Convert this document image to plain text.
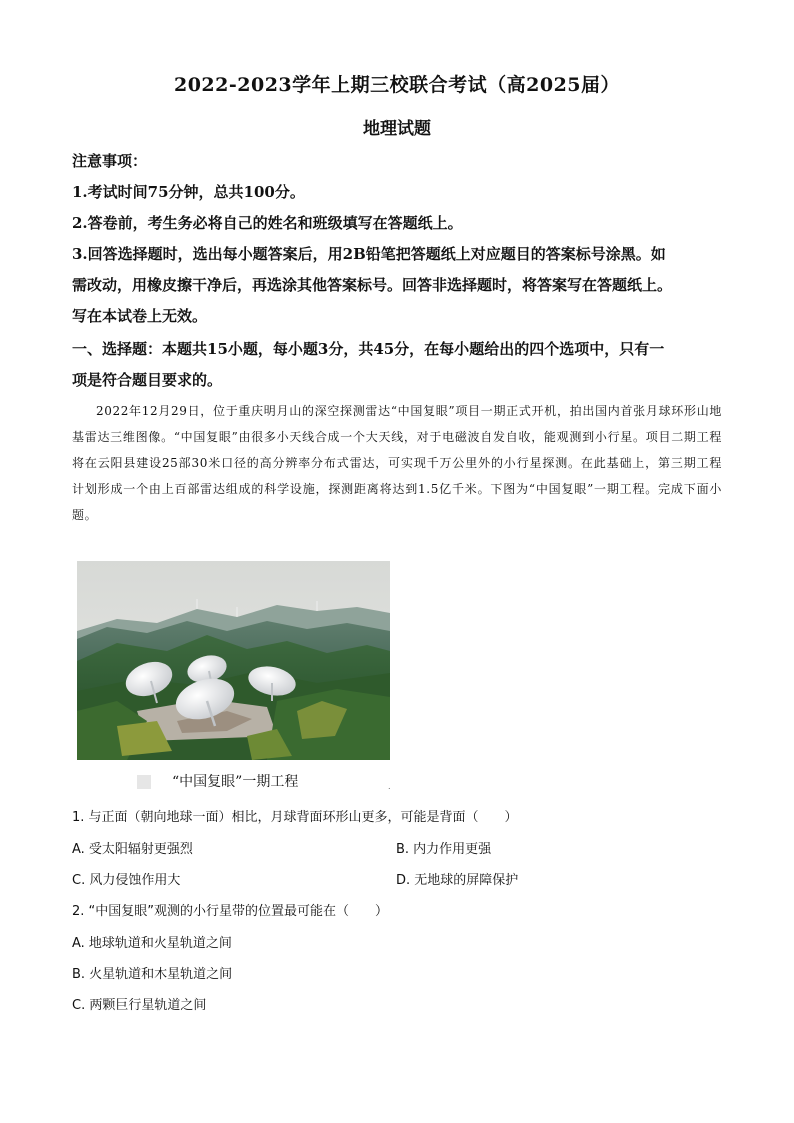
2022-2023学年上期三校联合考试（高2025届）
地理试题
注意事项：
1.考试时间75分钟，总共100分。
2.答卷前，考生务必将自己的姓名和班级填写在答题纸上。
3.回答选择题时，选出每小题答案后，用2B铅笔把答题纸上对应题目的答案标号涂黑。如
需改动，用橡皮擦干净后，再选涂其他答案标号。回答非选择题时，将答案写在答题纸上。
写在本试卷上无效。
一、选择题：本题共15小题，每小题3分，共45分，在每小题给出的四个选项中，只有一
项是符合题目要求的。

2022年12月29日，位于重庆明月山的深空探测雷达“中国复眼”项目一期正式开机，拍出国内首张月球环形山地基雷达三维图像。“中国复眼”由很多小天线合成一个大天线，对于电磁波自发自收，能观测到小行星。项目二期工程将在云阳县建设25部30米口径的高分辨率分布式雷达，可实现千万公里外的小行星探测。在此基础上，第三期工程计划形成一个由上百部雷达组成的科学设施，探测距离将达到1.5亿千米。下图为“中国复眼”一期工程。完成下面小题。

“中国复眼”一期工程	.
1. 与正面（朝向地球一面）相比，月球背面环形山更多，可能是背面（　　）
A. 受太阳辐射更强烈	B. 内力作用更强
C. 风力侵蚀作用大	D. 无地球的屏障保护
2. “中国复眼”观测的小行星带的位置最可能在（　　）
A. 地球轨道和火星轨道之间
B. 火星轨道和木星轨道之间
C. 两颗巨行星轨道之间
